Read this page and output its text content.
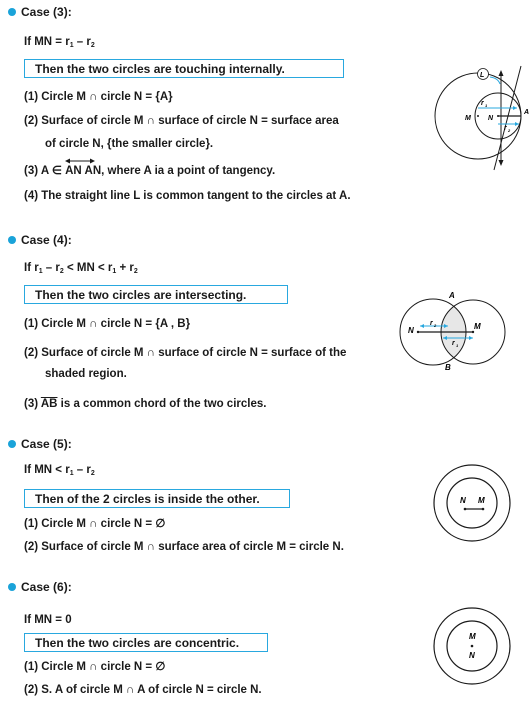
Case (3):
If MN = $r_1 - r_2$
Then the two circles are touching internally.
(1) Circle M ∩ circle N = {A}
(2) Surface of circle M ∩ surface of circle N = surface area
of circle N, {the smaller circle}.
(3) A ∈ AN AN, where A ia a point of tangency.
(4) The straight line L is common tangent to the circles at A.
L
r 1
r 2
M N
A
Case (4):
If $r_1 - r_2$ < MN < $r_1 + r_2$
Then the two circles are intersecting.
(1) Circle M ∩ circle N = {A , B}
(2) Surface of circle M ∩ surface of circle N = surface of the
shaded region.
(3) $\overline{AB}$ is a common chord of the two circles.
A
B
N	M
r 2
r 1
Case (5):
If MN < $r_1 - r_2$
Then of the 2 circles is inside the other.
(1) Circle M ∩ circle N = ∅
(2) Surface of circle M ∩ surface area of circle M = circle N.
N M
Case (6):
If MN = 0
Then the two circles are concentric.
(1) Circle M ∩ circle N = ∅
(2) S. A of circle M ∩ A of circle N = circle N.
M
N
